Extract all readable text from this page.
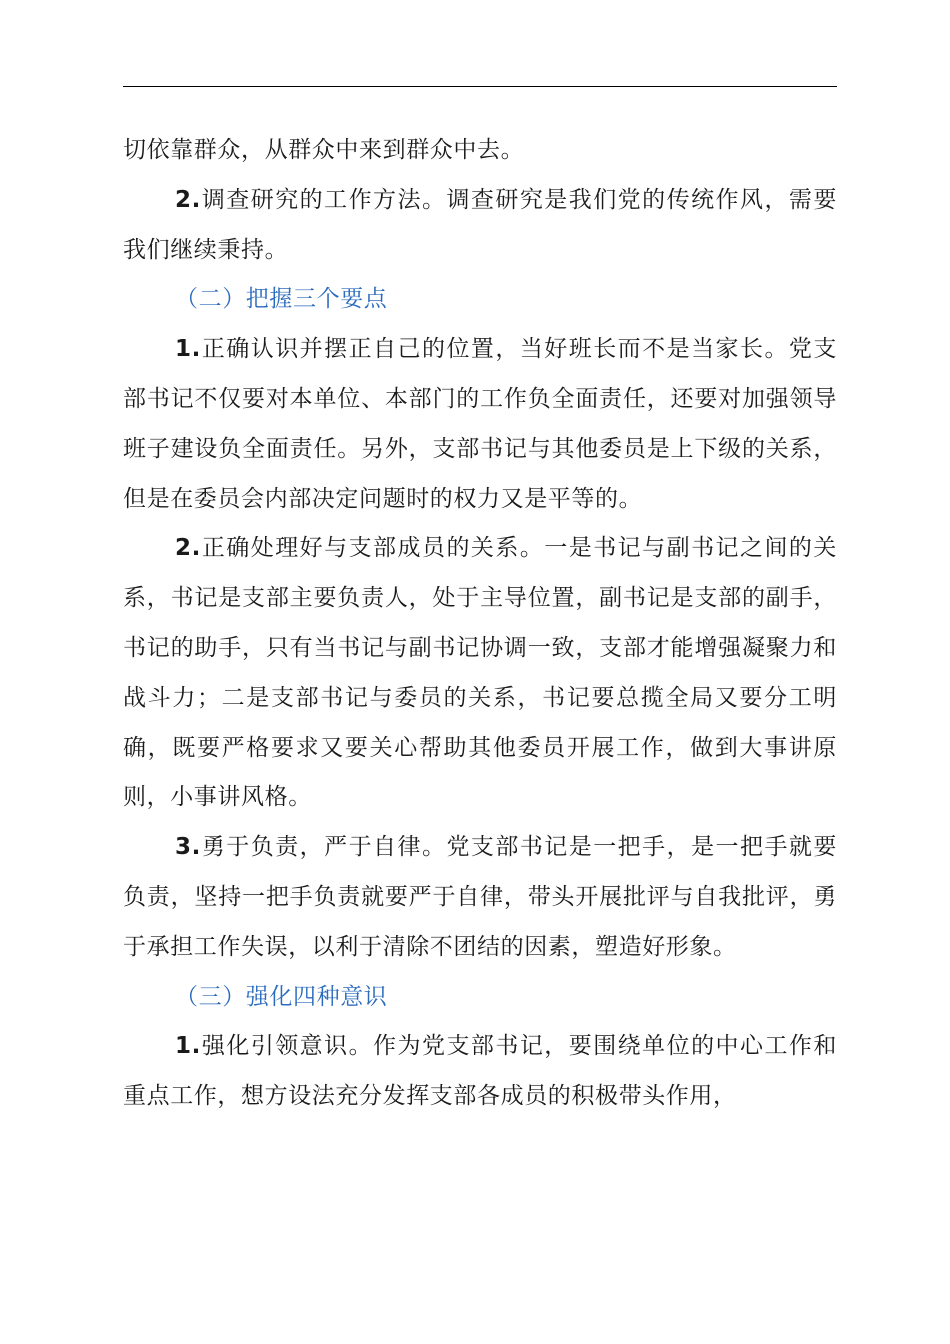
切依靠群众，从群众中来到群众中去。

2.调查研究的工作方法。调查研究是我们党的传统作风，需要我们继续秉持。

（二）把握三个要点

1.正确认识并摆正自己的位置，当好班长而不是当家长。党支部书记不仅要对本单位、本部门的工作负全面责任，还要对加强领导班子建设负全面责任。另外，支部书记与其他委员是上下级的关系，但是在委员会内部决定问题时的权力又是平等的。

2.正确处理好与支部成员的关系。一是书记与副书记之间的关系，书记是支部主要负责人，处于主导位置，副书记是支部的副手，书记的助手，只有当书记与副书记协调一致，支部才能增强凝聚力和战斗力；二是支部书记与委员的关系，书记要总揽全局又要分工明确，既要严格要求又要关心帮助其他委员开展工作，做到大事讲原则，小事讲风格。

3.勇于负责，严于自律。党支部书记是一把手，是一把手就要负责，坚持一把手负责就要严于自律，带头开展批评与自我批评，勇于承担工作失误，以利于清除不团结的因素，塑造好形象。

（三）强化四种意识

1.强化引领意识。作为党支部书记，要围绕单位的中心工作和重点工作，想方设法充分发挥支部各成员的积极带头作用，
